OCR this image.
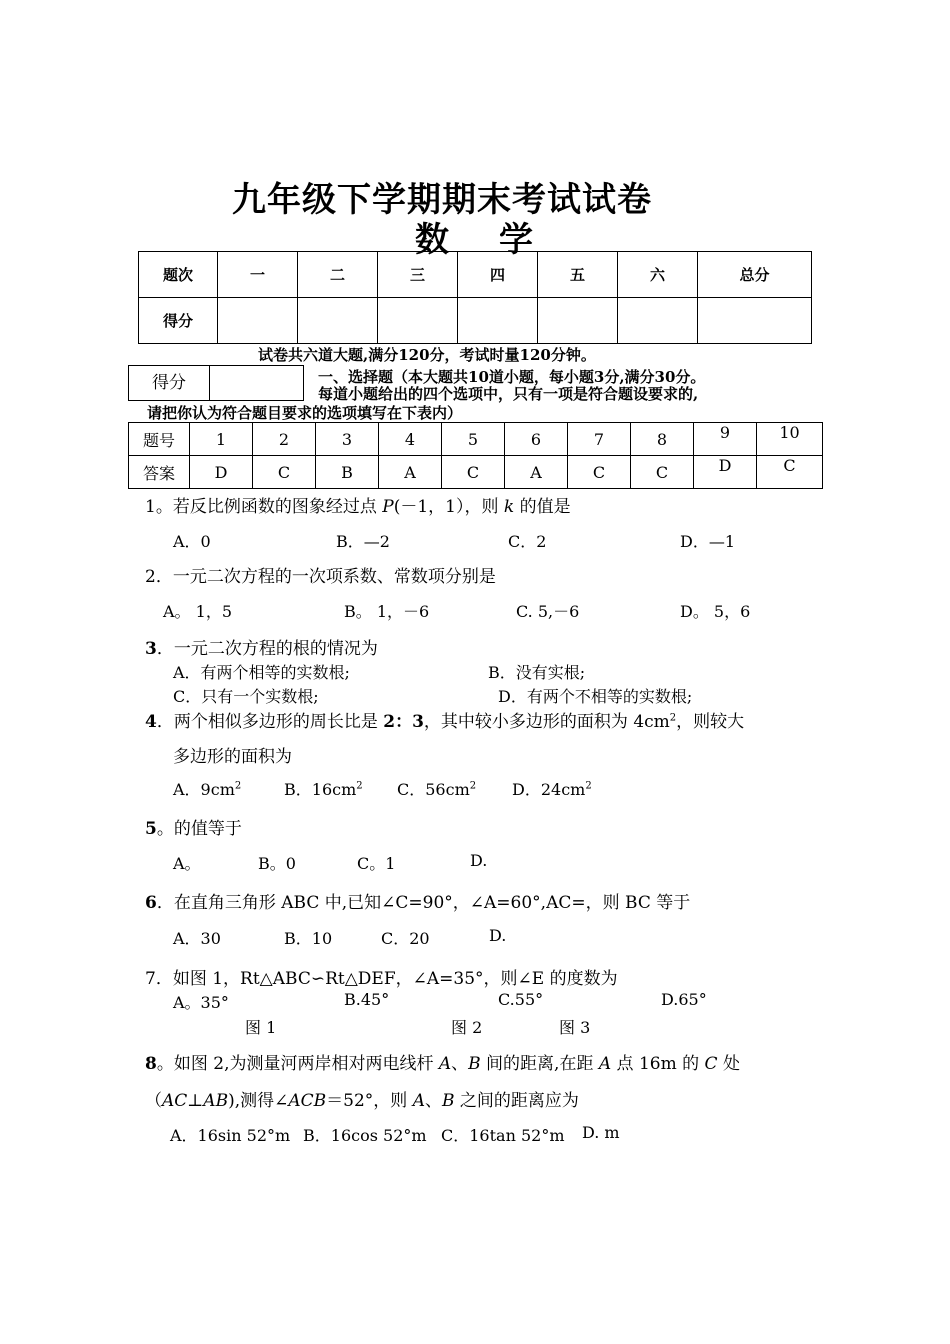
九年级下学期期末考试试卷
数 学
题次	一	二	三	四	五	六	总分
得分							
试卷共六道大题,满分120分，考试时量120分钟。
得分	一、选择题（本大题共10道小题，每小题3分,满分30分。
每道小题给出的四个选项中，只有一项是符合题设要求的,
请把你认为符合题目要求的选项填写在下表内）
题号	1	2	3	4	5	6	7	8	9	10
答案	D	C	B	A	C	A	C	C	D	C
1。若反比例函数的图象经过点 P(－1，1），则 k 的值是
A．0	B．—2	C．2	D．—1
2．一元二次方程的一次项系数、常数项分别是
A。 1，5	B。 1，－6	C. 5,－6	D。 5，6
3．一元二次方程的根的情况为
A．有两个相等的实数根;	B．没有实根;
C．只有一个实数根;	D．有两个不相等的实数根;
4．两个相似多边形的周长比是 2：3，其中较小多边形的面积为 $4cm^2$，则较大
多边形的面积为
A．$9cm^2$	B．$16cm^2$ C．$56cm^2$ D．$24cm^2$
5。的值等于
A。	B。0	C。1	D.
6．在直角三角形 ABC 中,已知∠C=90°，∠A=60°,AC=，则 BC 等于
A．30	B．10	C．20	D.
7．如图 1，Rt△ABC∽Rt△DEF，∠A=35°，则∠E 的度数为
A。35°	B.45°	C.55°	D.65°
图 1	图 2	图 3
8。如图 2,为测量河两岸相对两电线杆 A、B 间的距离,在距 A 点 16m 的 C 处
（AC⊥AB),测得∠ACB＝52°，则 A、B 之间的距离应为
A．16sin 52°m B．16cos 52°m C．16tan 52°m D. m
